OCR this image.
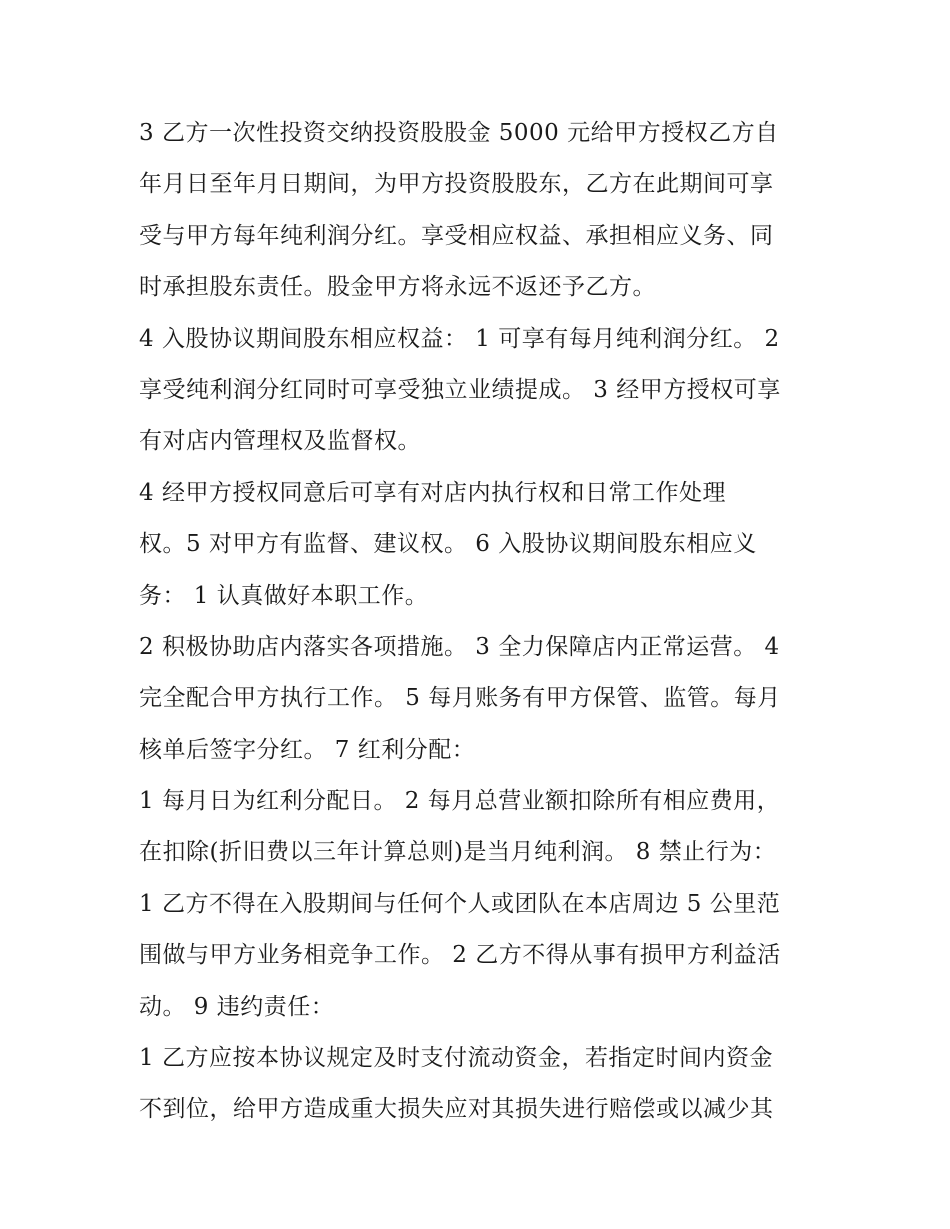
3 乙方一次性投资交纳投资股股金 5000 元给甲方授权乙方自
年月日至年月日期间，为甲方投资股股东，乙方在此期间可享
受与甲方每年纯利润分红。享受相应权益、承担相应义务、同
时承担股东责任。股金甲方将永远不返还予乙方。
4 入股协议期间股东相应权益： 1 可享有每月纯利润分红。 2
享受纯利润分红同时可享受独立业绩提成。 3 经甲方授权可享
有对店内管理权及监督权。
4 经甲方授权同意后可享有对店内执行权和日常工作处理
权。5 对甲方有监督、建议权。 6 入股协议期间股东相应义
务： 1 认真做好本职工作。
2 积极协助店内落实各项措施。 3 全力保障店内正常运营。 4
完全配合甲方执行工作。 5 每月账务有甲方保管、监管。每月
核单后签字分红。 7 红利分配：
1 每月日为红利分配日。 2 每月总营业额扣除所有相应费用，
在扣除(折旧费以三年计算总则)是当月纯利润。 8 禁止行为：
1 乙方不得在入股期间与任何个人或团队在本店周边 5 公里范
围做与甲方业务相竞争工作。 2 乙方不得从事有损甲方利益活
动。 9 违约责任：
1 乙方应按本协议规定及时支付流动资金，若指定时间内资金
不到位，给甲方造成重大损失应对其损失进行赔偿或以减少其
